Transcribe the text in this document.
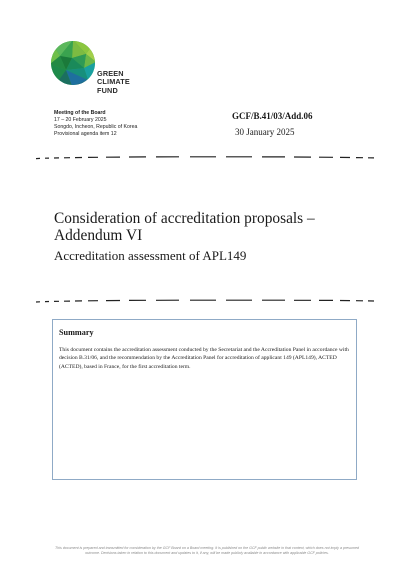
GREEN
CLIMATE
FUND
Meeting of the Board
17 – 20 February 2025
Songdo, Incheon, Republic of Korea
Provisional agenda item 12
GCF/B.41/03/Add.06
30 January 2025
Consideration of accreditation proposals – Addendum VI
Accreditation assessment of APL149

Summary

This document contains the accreditation assessment conducted by the Secretariat and the Accreditation Panel in accordance with decision B.31/06, and the recommendation by the Accreditation Panel for accreditation of applicant 149 (APL149), ACTED (ACTED), based in France, for the first accreditation term.

This document is prepared and transmitted for consideration by the GCF Board on a Board meeting. It is published on the GCF public website in that context, which does not imply a presumed outcome. Decisions taken in relation to this document and updates to it, if any, will be made publicly available in accordance with applicable GCF policies.
